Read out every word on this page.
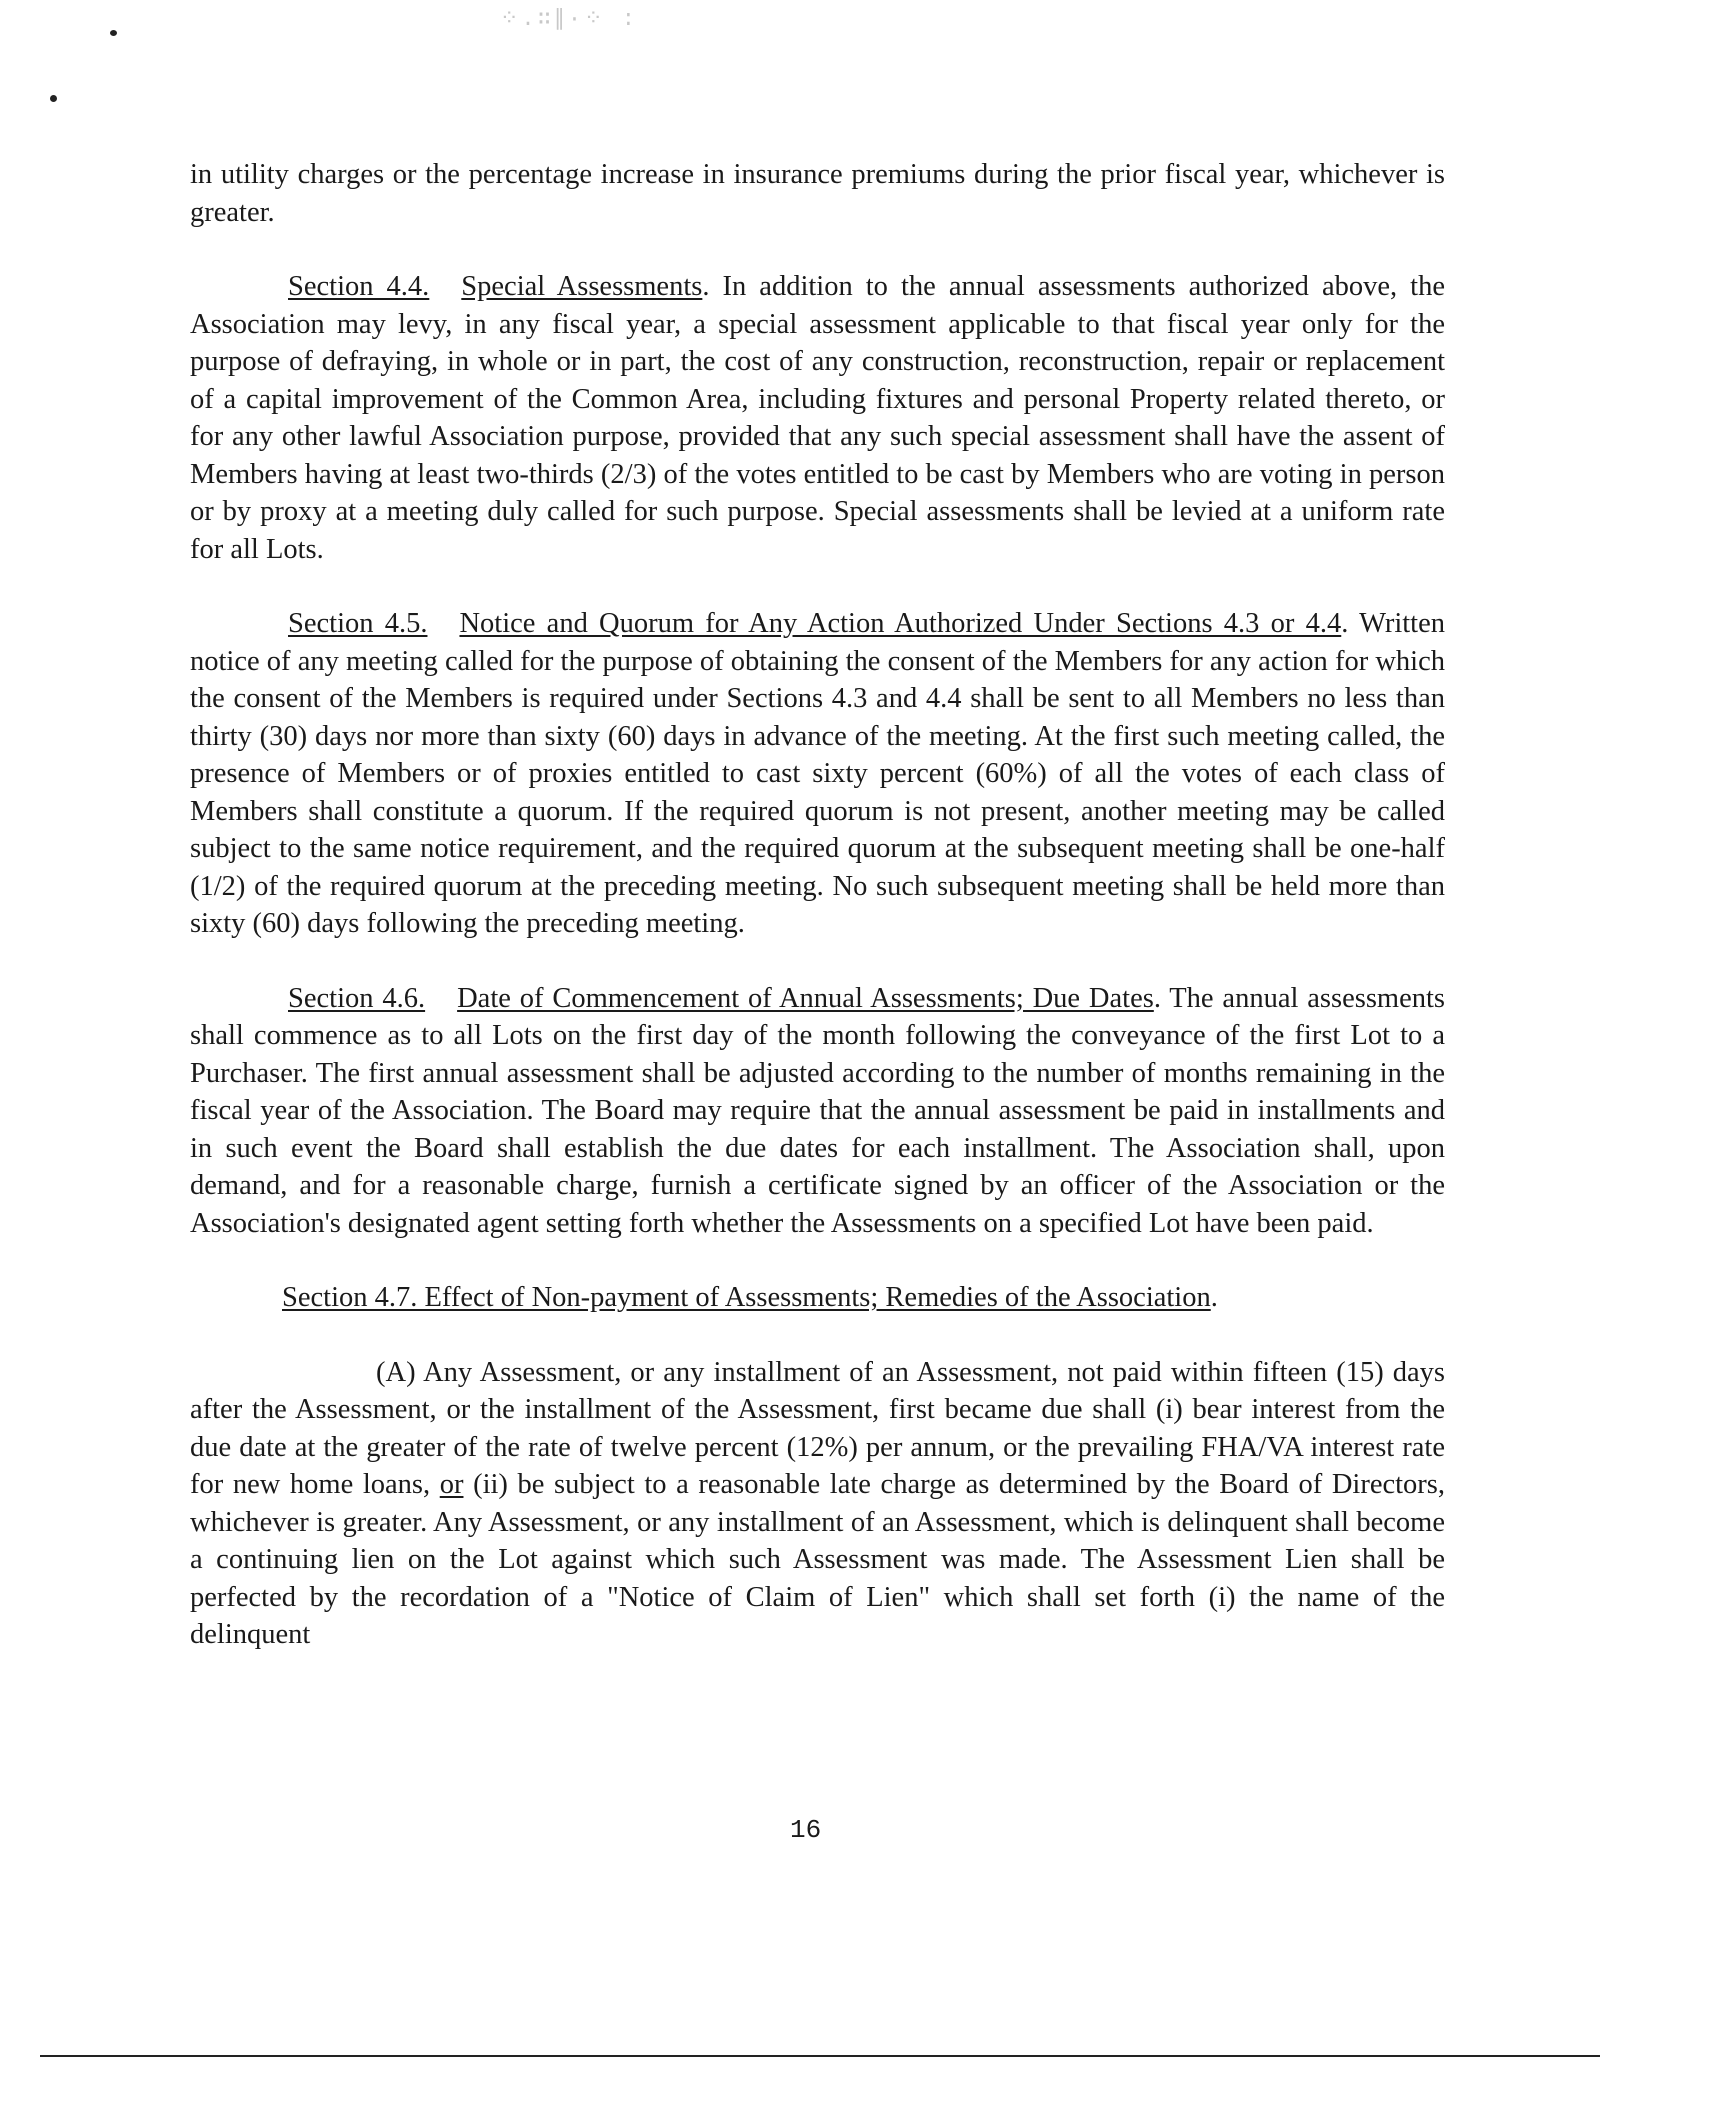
⁘.∷∥·⁘ :

in utility charges or the percentage increase in insurance premiums during the prior fiscal year, whichever is greater.

Section 4.4. Special Assessments. In addition to the annual assessments authorized above, the Association may levy, in any fiscal year, a special assessment applicable to that fiscal year only for the purpose of defraying, in whole or in part, the cost of any construction, reconstruction, repair or replacement of a capital improvement of the Common Area, including fixtures and personal Property related thereto, or for any other lawful Association purpose, provided that any such special assessment shall have the assent of Members having at least two-thirds (2/3) of the votes entitled to be cast by Members who are voting in person or by proxy at a meeting duly called for such purpose. Special assessments shall be levied at a uniform rate for all Lots.

Section 4.5. Notice and Quorum for Any Action Authorized Under Sections 4.3 or 4.4. Written notice of any meeting called for the purpose of obtaining the consent of the Members for any action for which the consent of the Members is required under Sections 4.3 and 4.4 shall be sent to all Members no less than thirty (30) days nor more than sixty (60) days in advance of the meeting. At the first such meeting called, the presence of Members or of proxies entitled to cast sixty percent (60%) of all the votes of each class of Members shall constitute a quorum. If the required quorum is not present, another meeting may be called subject to the same notice requirement, and the required quorum at the subsequent meeting shall be one-half (1/2) of the required quorum at the preceding meeting. No such subsequent meeting shall be held more than sixty (60) days following the preceding meeting.

Section 4.6. Date of Commencement of Annual Assessments; Due Dates. The annual assessments shall commence as to all Lots on the first day of the month following the conveyance of the first Lot to a Purchaser. The first annual assessment shall be adjusted according to the number of months remaining in the fiscal year of the Association. The Board may require that the annual assessment be paid in installments and in such event the Board shall establish the due dates for each installment. The Association shall, upon demand, and for a reasonable charge, furnish a certificate signed by an officer of the Association or the Association's designated agent setting forth whether the Assessments on a specified Lot have been paid.

Section 4.7. Effect of Non-payment of Assessments; Remedies of the Association.

(A) Any Assessment, or any installment of an Assessment, not paid within fifteen (15) days after the Assessment, or the installment of the Assessment, first became due shall (i) bear interest from the due date at the greater of the rate of twelve percent (12%) per annum, or the prevailing FHA/VA interest rate for new home loans, or (ii) be subject to a reasonable late charge as determined by the Board of Directors, whichever is greater. Any Assessment, or any installment of an Assessment, which is delinquent shall become a continuing lien on the Lot against which such Assessment was made. The Assessment Lien shall be perfected by the recordation of a "Notice of Claim of Lien" which shall set forth (i) the name of the delinquent

16
